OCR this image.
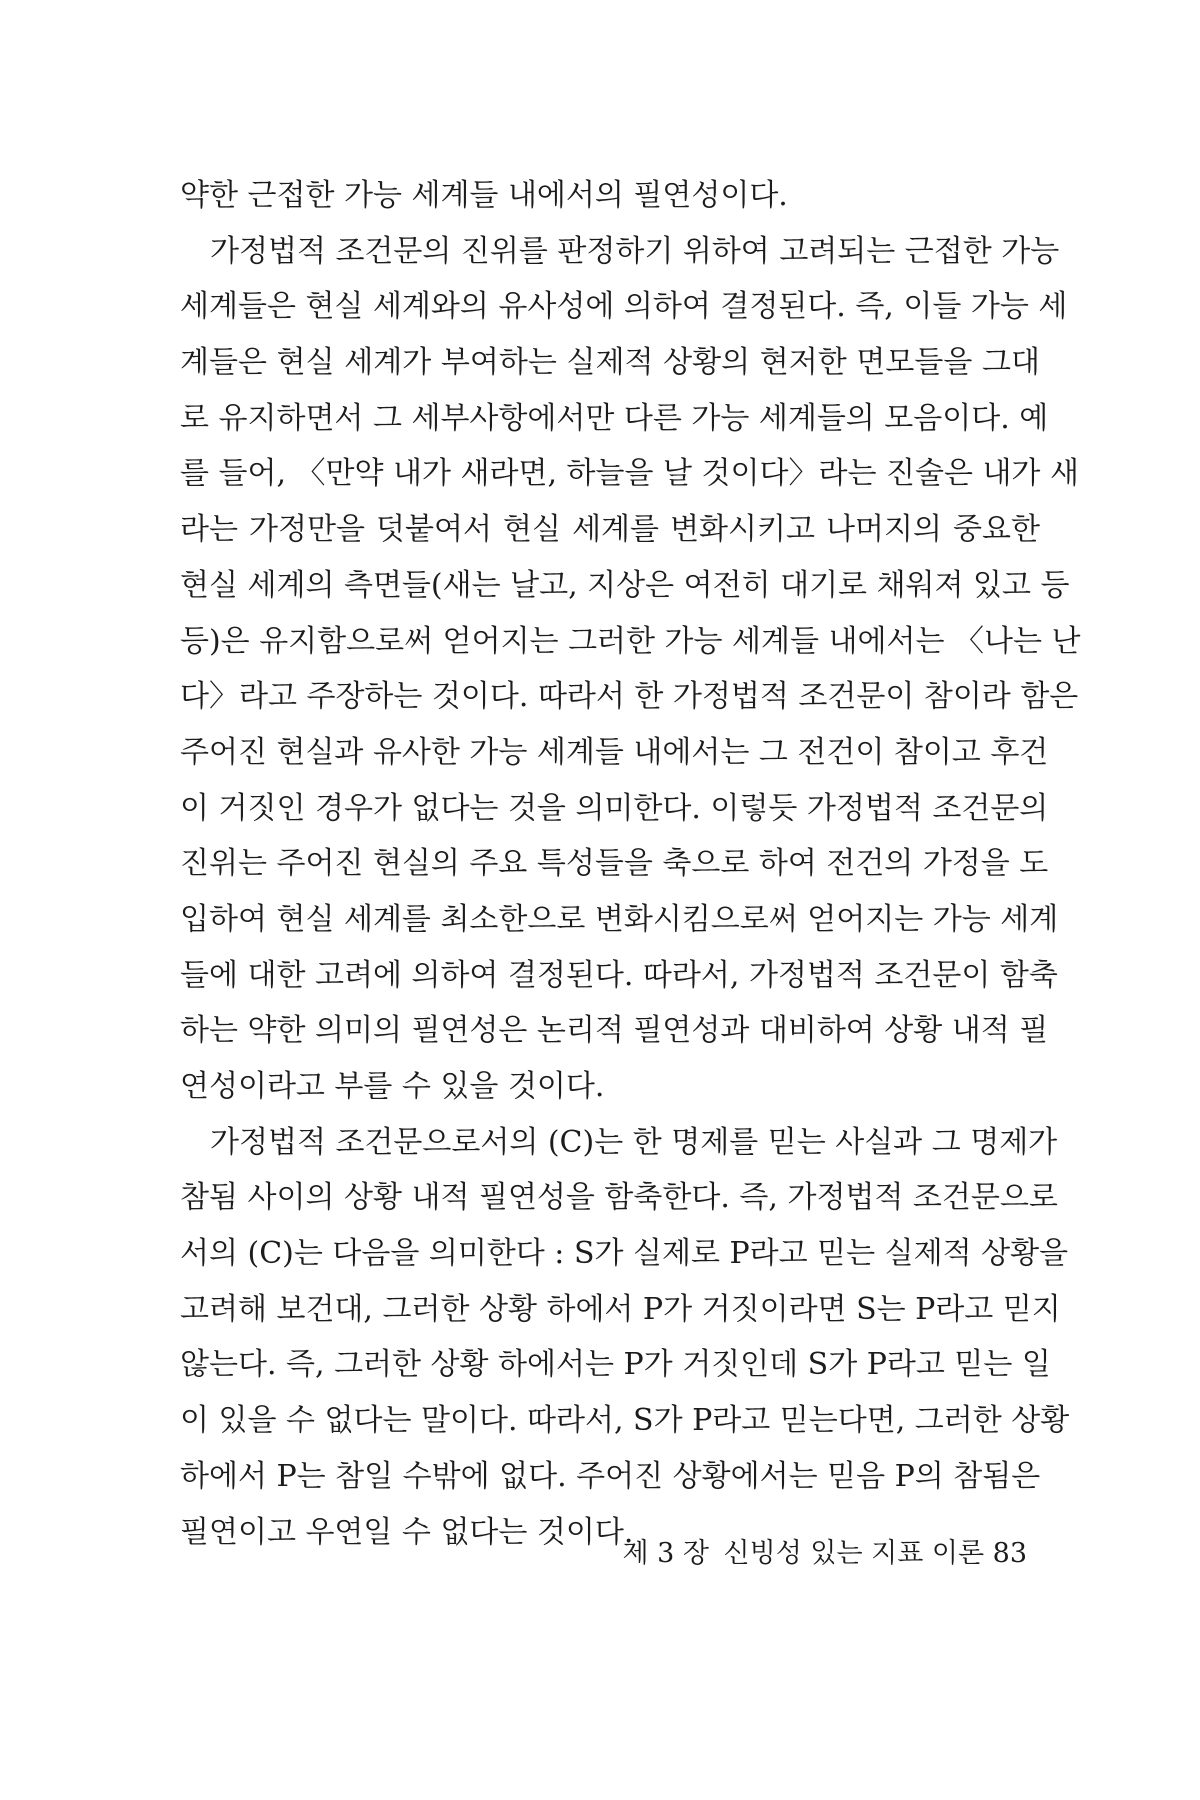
약한 근접한 가능 세계들 내에서의 필연성이다.
가정법적 조건문의 진위를 판정하기 위하여 고려되는 근접한 가능
세계들은 현실 세계와의 유사성에 의하여 결정된다. 즉, 이들 가능 세
계들은 현실 세계가 부여하는 실제적 상황의 현저한 면모들을 그대
로 유지하면서 그 세부사항에서만 다른 가능 세계들의 모음이다. 예
를 들어, 〈만약 내가 새라면, 하늘을 날 것이다〉라는 진술은 내가 새
라는 가정만을 덧붙여서 현실 세계를 변화시키고 나머지의 중요한
현실 세계의 측면들(새는 날고, 지상은 여전히 대기로 채워져 있고 등
등)은 유지함으로써 얻어지는 그러한 가능 세계들 내에서는 〈나는 난
다〉라고 주장하는 것이다. 따라서 한 가정법적 조건문이 참이라 함은
주어진 현실과 유사한 가능 세계들 내에서는 그 전건이 참이고 후건
이 거짓인 경우가 없다는 것을 의미한다. 이렇듯 가정법적 조건문의
진위는 주어진 현실의 주요 특성들을 축으로 하여 전건의 가정을 도
입하여 현실 세계를 최소한으로 변화시킴으로써 얻어지는 가능 세계
들에 대한 고려에 의하여 결정된다. 따라서, 가정법적 조건문이 함축
하는 약한 의미의 필연성은 논리적 필연성과 대비하여 상황 내적 필
연성이라고 부를 수 있을 것이다.
가정법적 조건문으로서의 (C)는 한 명제를 믿는 사실과 그 명제가
참됨 사이의 상황 내적 필연성을 함축한다. 즉, 가정법적 조건문으로
서의 (C)는 다음을 의미한다 : S가 실제로 P라고 믿는 실제적 상황을
고려해 보건대, 그러한 상황 하에서 P가 거짓이라면 S는 P라고 믿지
않는다. 즉, 그러한 상황 하에서는 P가 거짓인데 S가 P라고 믿는 일
이 있을 수 없다는 말이다. 따라서, S가 P라고 믿는다면, 그러한 상황
하에서 P는 참일 수밖에 없다. 주어진 상황에서는 믿음 P의 참됨은
필연이고 우연일 수 없다는 것이다.
제 3 장 신빙성 있는 지표 이론 83
